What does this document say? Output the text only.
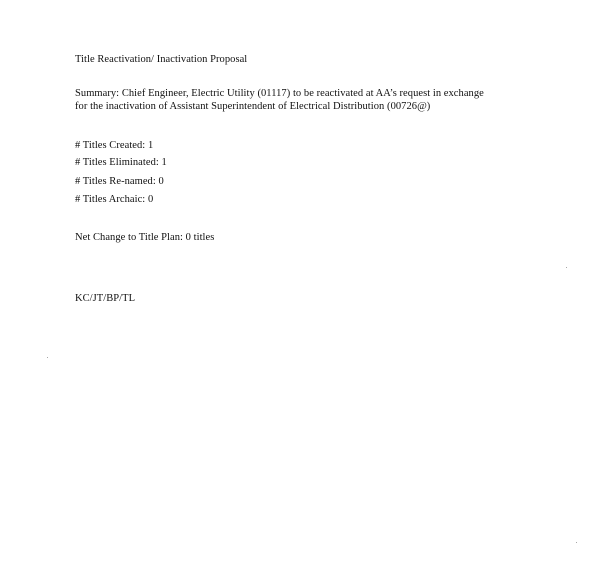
Title Reactivation/ Inactivation Proposal
Summary: Chief Engineer, Electric Utility (01117) to be reactivated at AA’s request in exchange
for the inactivation of Assistant Superintendent of Electrical Distribution (00726@)
# Titles Created: 1
# Titles Eliminated: 1
# Titles Re-named: 0
# Titles Archaic: 0
Net Change to Title Plan: 0 titles
KC/JT/BP/TL
